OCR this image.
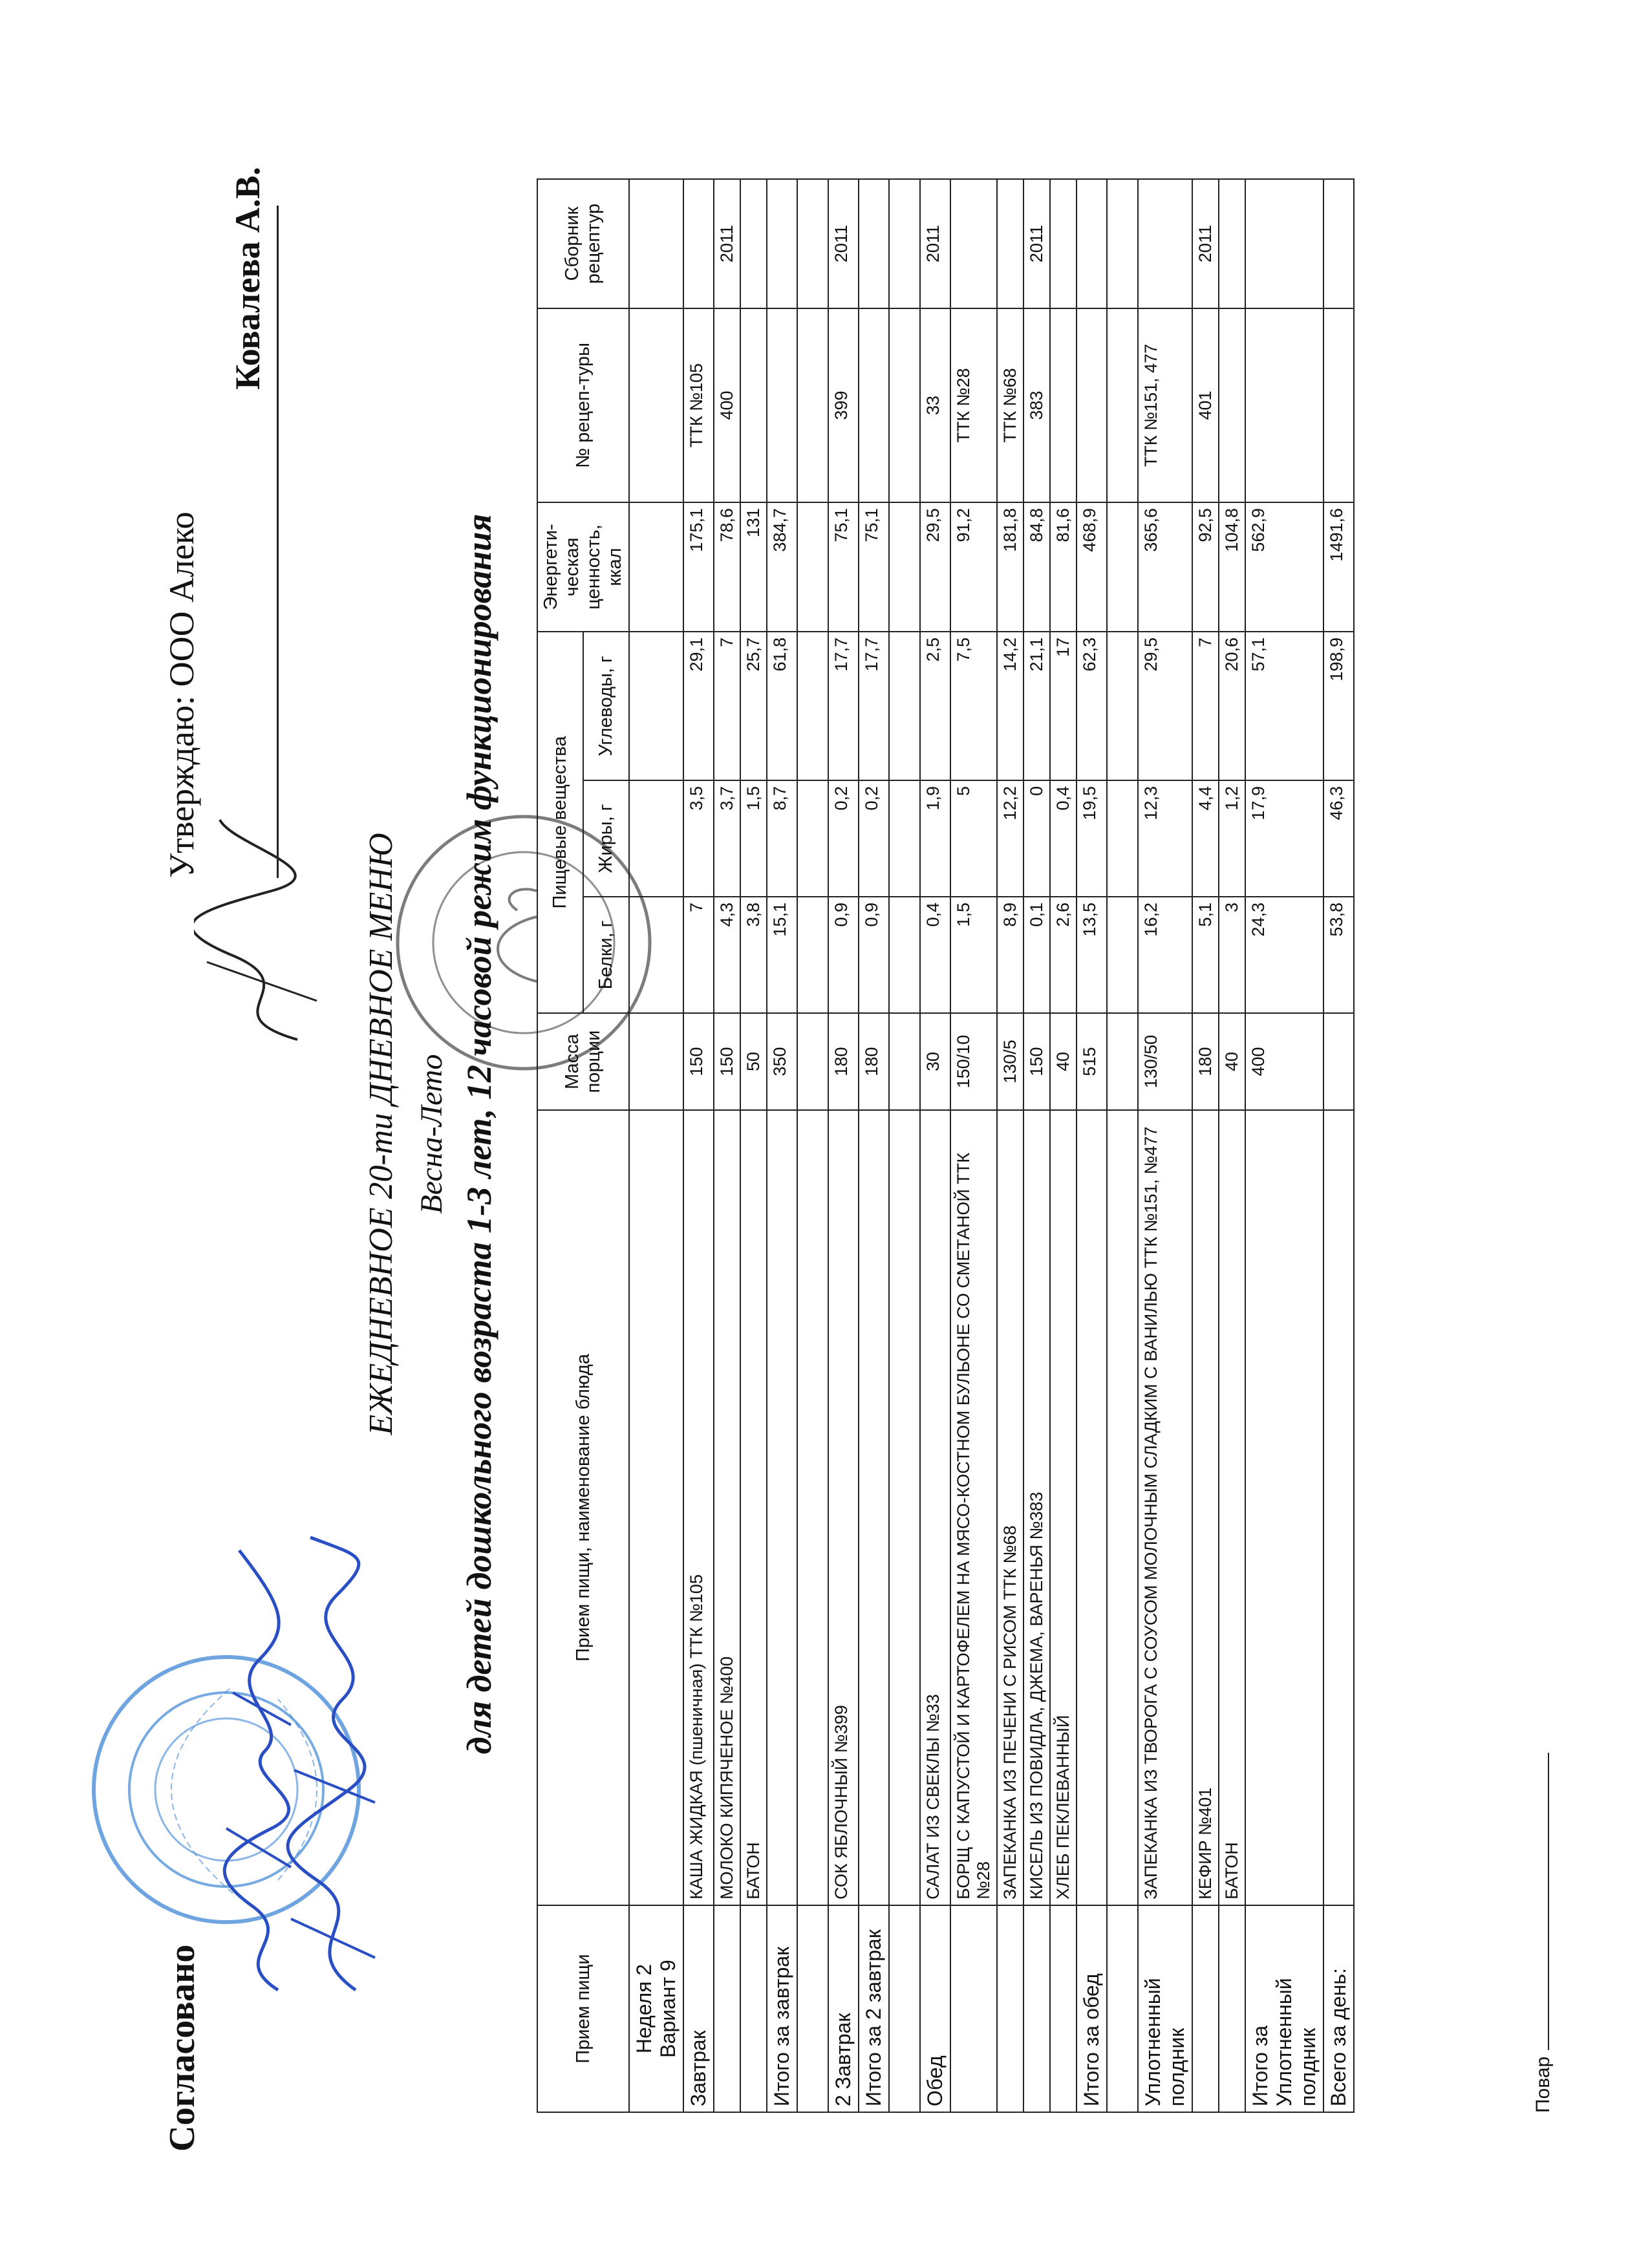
Согласовано
Утверждаю: ООО Алеко
Ковалева А.В.
ЕЖЕДНЕВНОЕ 20-ти ДНЕВНОЕ МЕНЮ Весна-Лето для детей дошкольного возраста 1-3 лет, 12 часовой режим функционирования
Прием пищи	Прием пищи, наименование блюда	Масса порции	Пищевые вещества			Энергети-ческая ценность, ккал	№ рецеп-туры	Сборник рецептур
			Белки, г	Жиры, г	Углеводы, г			
Неделя 2
Вариант 9								
Завтрак	КАША ЖИДКАЯ (пшеничная) ТТК №105	150	7	3,5	29,1	175,1	ТТК №105	
	МОЛОКО КИПЯЧЕНОЕ №400	150	4,3	3,7	7	78,6	400	2011
	БАТОН	50	3,8	1,5	25,7	131		
Итого за завтрак		350	15,1	8,7	61,8	384,7		

2 Завтрак	СОК ЯБЛОЧНЫЙ №399	180	0,9	0,2	17,7	75,1	399	2011
Итого за 2 завтрак		180	0,9	0,2	17,7	75,1		

Обед	САЛАТ ИЗ СВЕКЛЫ №33	30	0,4	1,9	2,5	29,5	33	2011
	БОРЩ С КАПУСТОЙ И КАРТОФЕЛЕМ НА МЯСО-КОСТНОМ БУЛЬОНЕ СО СМЕТАНОЙ ТТК №28	150/10	1,5	5	7,5	91,2	ТТК №28	
	ЗАПЕКАНКА ИЗ ПЕЧЕНИ С РИСОМ ТТК №68	130/5	8,9	12,2	14,2	181,8	ТТК №68	
	КИСЕЛЬ ИЗ ПОВИДЛА, ДЖЕМА, ВАРЕНЬЯ №383	150	0,1	0	21,1	84,8	383	2011
	ХЛЕБ ПЕКЛЕВАННЫЙ	40	2,6	0,4	17	81,6		
Итого за обед		515	13,5	19,5	62,3	468,9		

Уплотненный полдник	ЗАПЕКАНКА ИЗ ТВОРОГА С СОУСОМ МОЛОЧНЫМ СЛАДКИМ С ВАНИЛЬЮ ТТК №151, №477	130/50	16,2	12,3	29,5	365,6	ТТК №151, 477	
	КЕФИР №401	180	5,1	4,4	7	92,5	401	2011
	БАТОН	40	3	1,2	20,6	104,8		
Итого за Уплотненный полдник		400	24,3	17,9	57,1	562,9		
Всего за день:			53,8	46,3	198,9	1491,6		
Повар
